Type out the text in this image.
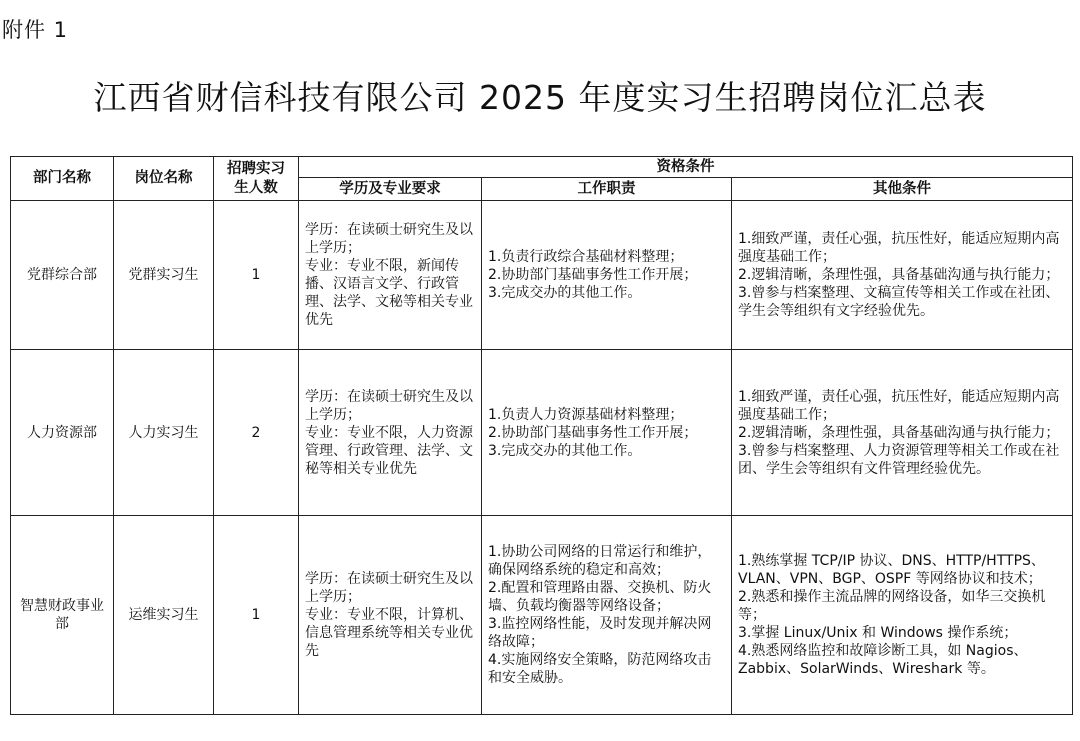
附件 1
江西省财信科技有限公司 2025 年度实习生招聘岗位汇总表
部门名称	岗位名称	招聘实习生人数	资格条件		
			学历及专业要求	工作职责	其他条件
党群综合部	党群实习生	1	学历：在读硕士研究生及以上学历；
专业：专业不限，新闻传播、汉语言文学、行政管理、法学、文秘等相关专业优先	1.负责行政综合基础材料整理；
2.协助部门基础事务性工作开展；
3.完成交办的其他工作。	1.细致严谨，责任心强，抗压性好，能适应短期内高强度基础工作；
2.逻辑清晰，条理性强，具备基础沟通与执行能力；
3.曾参与档案整理、文稿宣传等相关工作或在社团、学生会等组织有文字经验优先。

人力资源部	人力实习生	2	学历：在读硕士研究生及以上学历；
专业：专业不限，人力资源管理、行政管理、法学、文秘等相关专业优先	1.负责人力资源基础材料整理；
2.协助部门基础事务性工作开展；
3.完成交办的其他工作。	1.细致严谨，责任心强，抗压性好，能适应短期内高强度基础工作；
2.逻辑清晰，条理性强，具备基础沟通与执行能力；
3.曾参与档案整理、人力资源管理等相关工作或在社团、学生会等组织有文件管理经验优先。

智慧财政事业部	运维实习生	1	学历：在读硕士研究生及以上学历；
专业：专业不限，计算机、信息管理系统等相关专业优先	1.协助公司网络的日常运行和维护，确保网络系统的稳定和高效；
2.配置和管理路由器、交换机、防火墙、负载均衡器等网络设备；
3.监控网络性能，及时发现并解决网络故障；
4.实施网络安全策略，防范网络攻击和安全威胁。	1.熟练掌握 TCP/IP 协议、DNS、HTTP/HTTPS、VLAN、VPN、BGP、OSPF 等网络协议和技术；
2.熟悉和操作主流品牌的网络设备，如华三交换机等；
3.掌握 Linux/Unix 和 Windows 操作系统；
4.熟悉网络监控和故障诊断工具，如 Nagios、Zabbix、SolarWinds、Wireshark 等。
